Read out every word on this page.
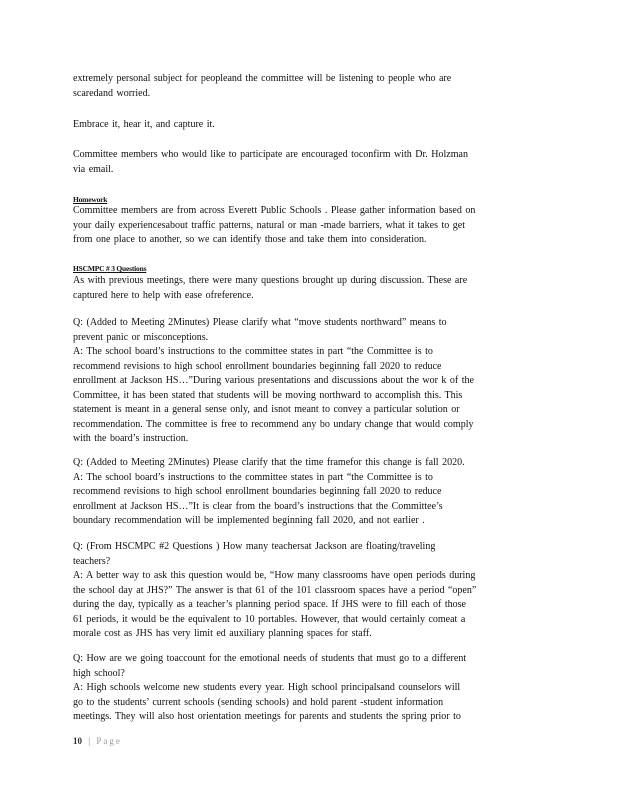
extremely personal subject for peopleand the committee will be listening to people who are
scaredand worried.

Embrace it, hear it, and capture it.

Committee members who would like to participate are encouraged toconfirm with Dr. Holzman
via email.

Homework

Committee members are from across Everett Public Schools . Please gather information based on
your daily experiencesabout traffic patterns, natural or man -made barriers, what it takes to get
from one place to another, so we can identify those and take them into consideration.

HSCMPC # 3 Questions

As with previous meetings, there were many questions brought up during discussion. These are
captured here to help with ease ofreference.

Q: (Added to Meeting 2Minutes) Please clarify what “move students northward” means to
prevent panic or misconceptions.
A: The school board’s instructions to the committee states in part “the Committee is to
recommend revisions to high school enrollment boundaries beginning fall 2020 to reduce
enrollment at Jackson HS…”During various presentations and discussions about the wor k of the
Committee, it has been stated that students will be moving northward to accomplish this. This
statement is meant in a general sense only, and isnot meant to convey a particular solution or
recommendation. The committee is free to recommend any bo undary change that would comply
with the board’s instruction.

Q: (Added to Meeting 2Minutes) Please clarify that the time framefor this change is fall 2020.
A: The school board’s instructions to the committee states in part “the Committee is to
recommend revisions to high school enrollment boundaries beginning fall 2020 to reduce
enrollment at Jackson HS…”It is clear from the board’s instructions that the Committee’s
boundary recommendation will be implemented beginning fall 2020, and not earlier .

Q: (From HSCMPC #2 Questions ) How many teachersat Jackson are floating/traveling
teachers?
A: A better way to ask this question would be, “How many classrooms have open periods during
the school day at JHS?” The answer is that 61 of the 101 classroom spaces have a period “open”
during the day, typically as a teacher’s planning period space. If JHS were to fill each of those
61 periods, it would be the equivalent to 10 portables. However, that would certainly comeat a
morale cost as JHS has very limit ed auxiliary planning spaces for staff.

Q: How are we going toaccount for the emotional needs of students that must go to a different
high school?
A: High schools welcome new students every year. High school principalsand counselors will
go to the students’ current schools (sending schools) and hold parent -student information
meetings. They will also host orientation meetings for parents and students the spring prior to

10 | Page
